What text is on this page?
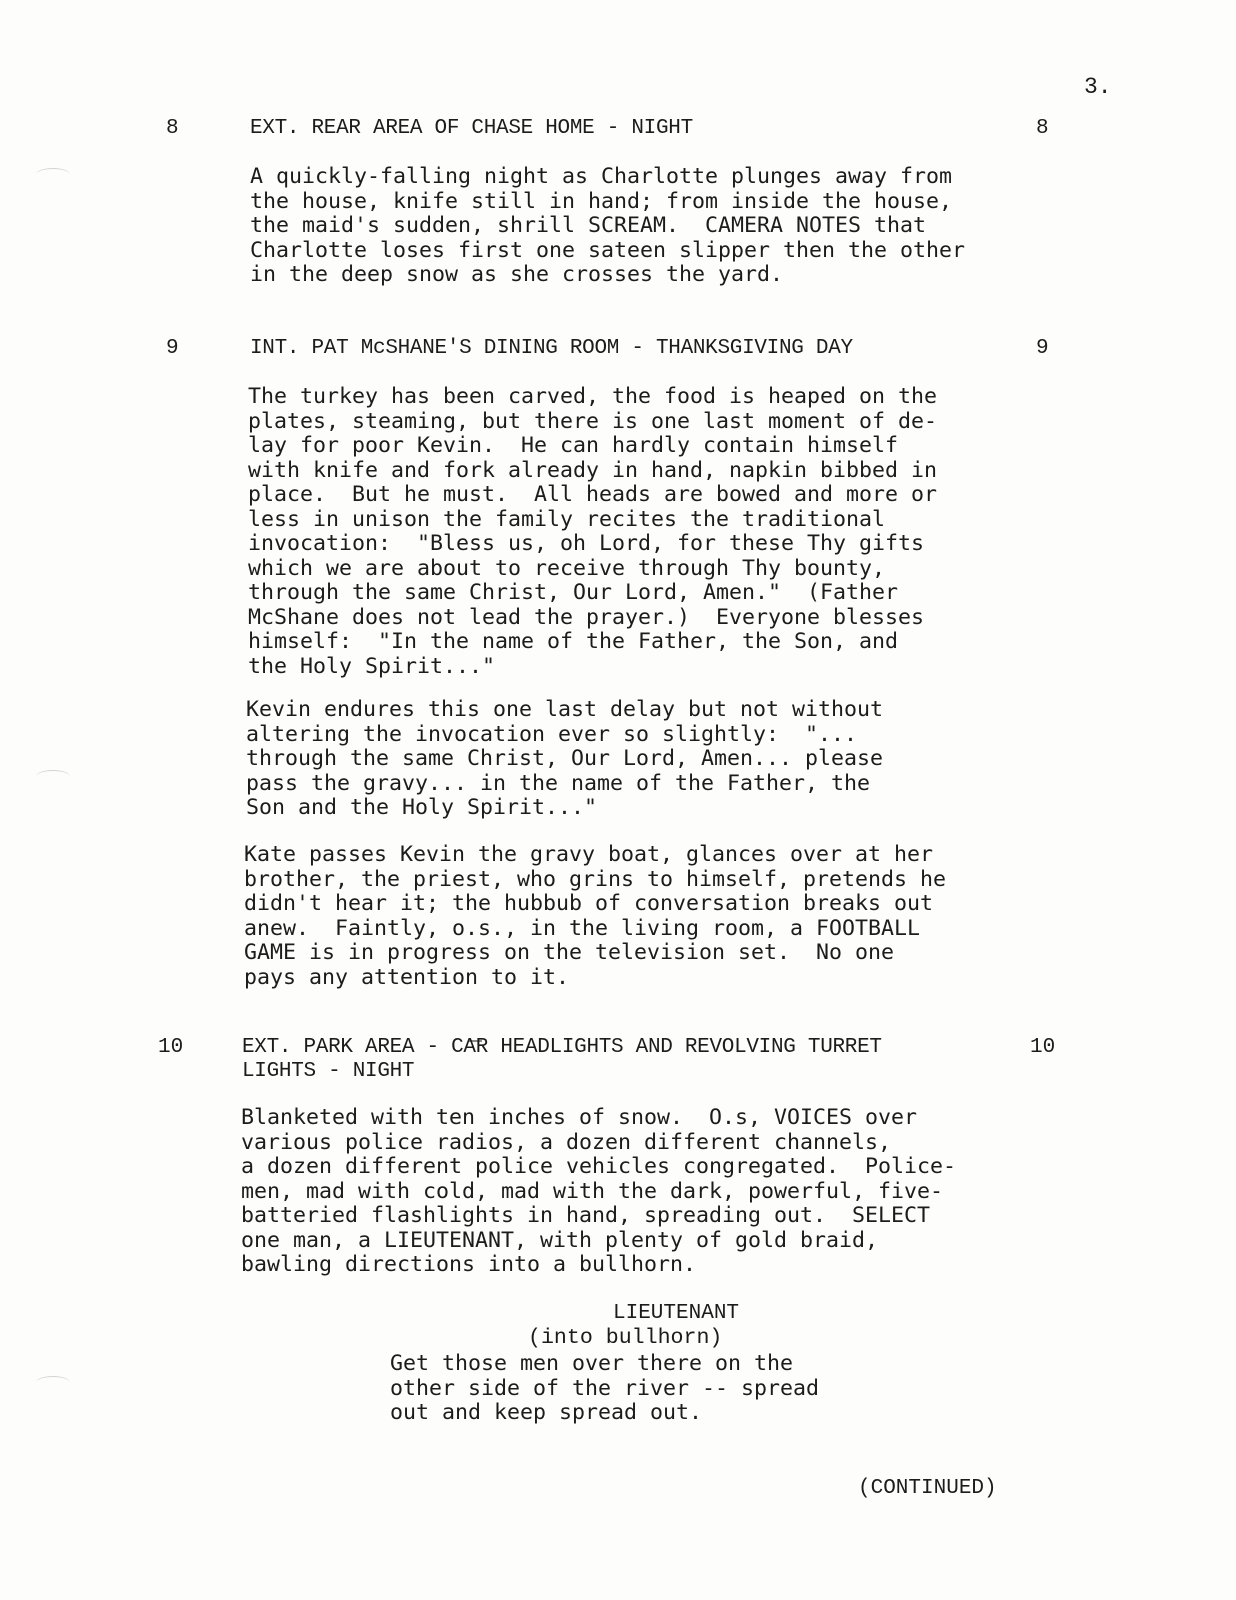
3.
8	EXT. REAR AREA OF CHASE HOME - NIGHT	8
A quickly-falling night as Charlotte plunges away from
the house, knife still in hand; from inside the house,
the maid's sudden, shrill SCREAM.  CAMERA NOTES that
Charlotte loses first one sateen slipper then the other
in the deep snow as she crosses the yard.
9	INT. PAT McSHANE'S DINING ROOM - THANKSGIVING DAY	9
The turkey has been carved, the food is heaped on the
plates, steaming, but there is one last moment of de-
lay for poor Kevin.  He can hardly contain himself
with knife and fork already in hand, napkin bibbed in
place.  But he must.  All heads are bowed and more or
less in unison the family recites the traditional
invocation:  "Bless us, oh Lord, for these Thy gifts
which we are about to receive through Thy bounty,
through the same Christ, Our Lord, Amen."  (Father
McShane does not lead the prayer.)  Everyone blesses
himself:  "In the name of the Father, the Son, and
the Holy Spirit..."
Kevin endures this one last delay but not without
altering the invocation ever so slightly:  "...
through the same Christ, Our Lord, Amen... please
pass the gravy... in the name of the Father, the
Son and the Holy Spirit..."
Kate passes Kevin the gravy boat, glances over at her
brother, the priest, who grins to himself, pretends he
didn't hear it; the hubbub of conversation breaks out
anew.  Faintly, o.s., in the living room, a FOOTBALL
GAME is in progress on the television set.  No one
pays any attention to it.
10	EXT. PARK AREA - CAR HEADLIGHTS AND REVOLVING TURRET
LIGHTS - NIGHT
10
Blanketed with ten inches of snow.  O.s, VOICES over
various police radios, a dozen different channels,
a dozen different police vehicles congregated.  Police-
men, mad with cold, mad with the dark, powerful, five-
batteried flashlights in hand, spreading out.  SELECT
one man, a LIEUTENANT, with plenty of gold braid,
bawling directions into a bullhorn.
LIEUTENANT
(into bullhorn)
Get those men over there on the
other side of the river -- spread
out and keep spread out.
(CONTINUED)
